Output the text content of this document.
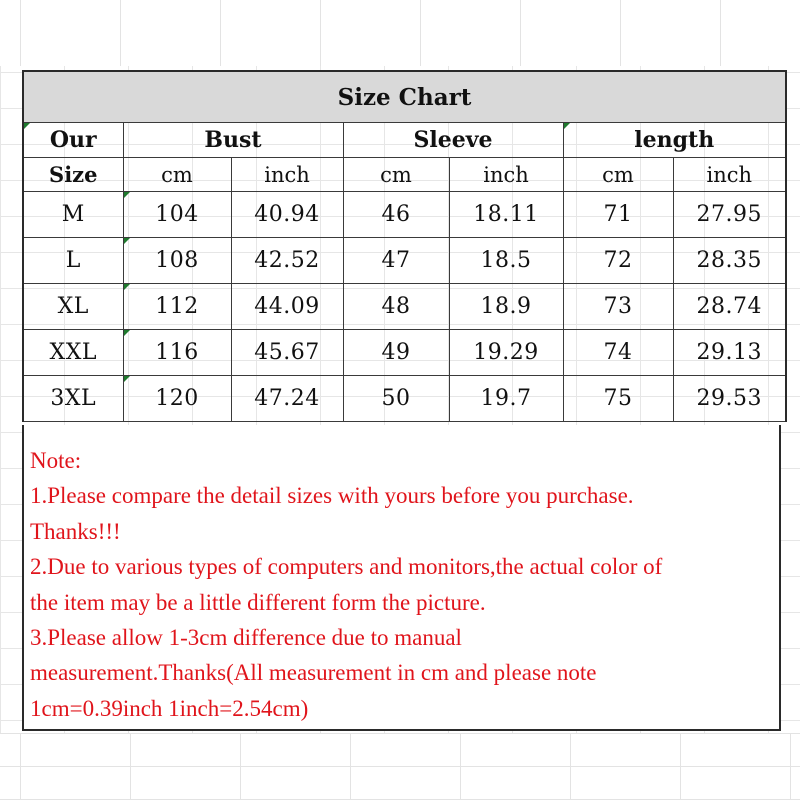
Size Chart						
Our	Bust		Sleeve		length	
Size	cm	inch	cm	inch	cm	inch
M	104	40.94	46	18.11	71	27.95
L	108	42.52	47	18.5	72	28.35
XL	112	44.09	48	18.9	73	28.74
XXL	116	45.67	49	19.29	74	29.13
3XL	120	47.24	50	19.7	75	29.53
Note:
1.Please compare the detail sizes with yours before you purchase.
Thanks!!!
2.Due to various types of computers and monitors,the actual color of
the item may be a little different form the picture.
3.Please allow 1-3cm difference due to manual
measurement.Thanks(All measurement in cm and please note
1cm=0.39inch 1inch=2.54cm)
